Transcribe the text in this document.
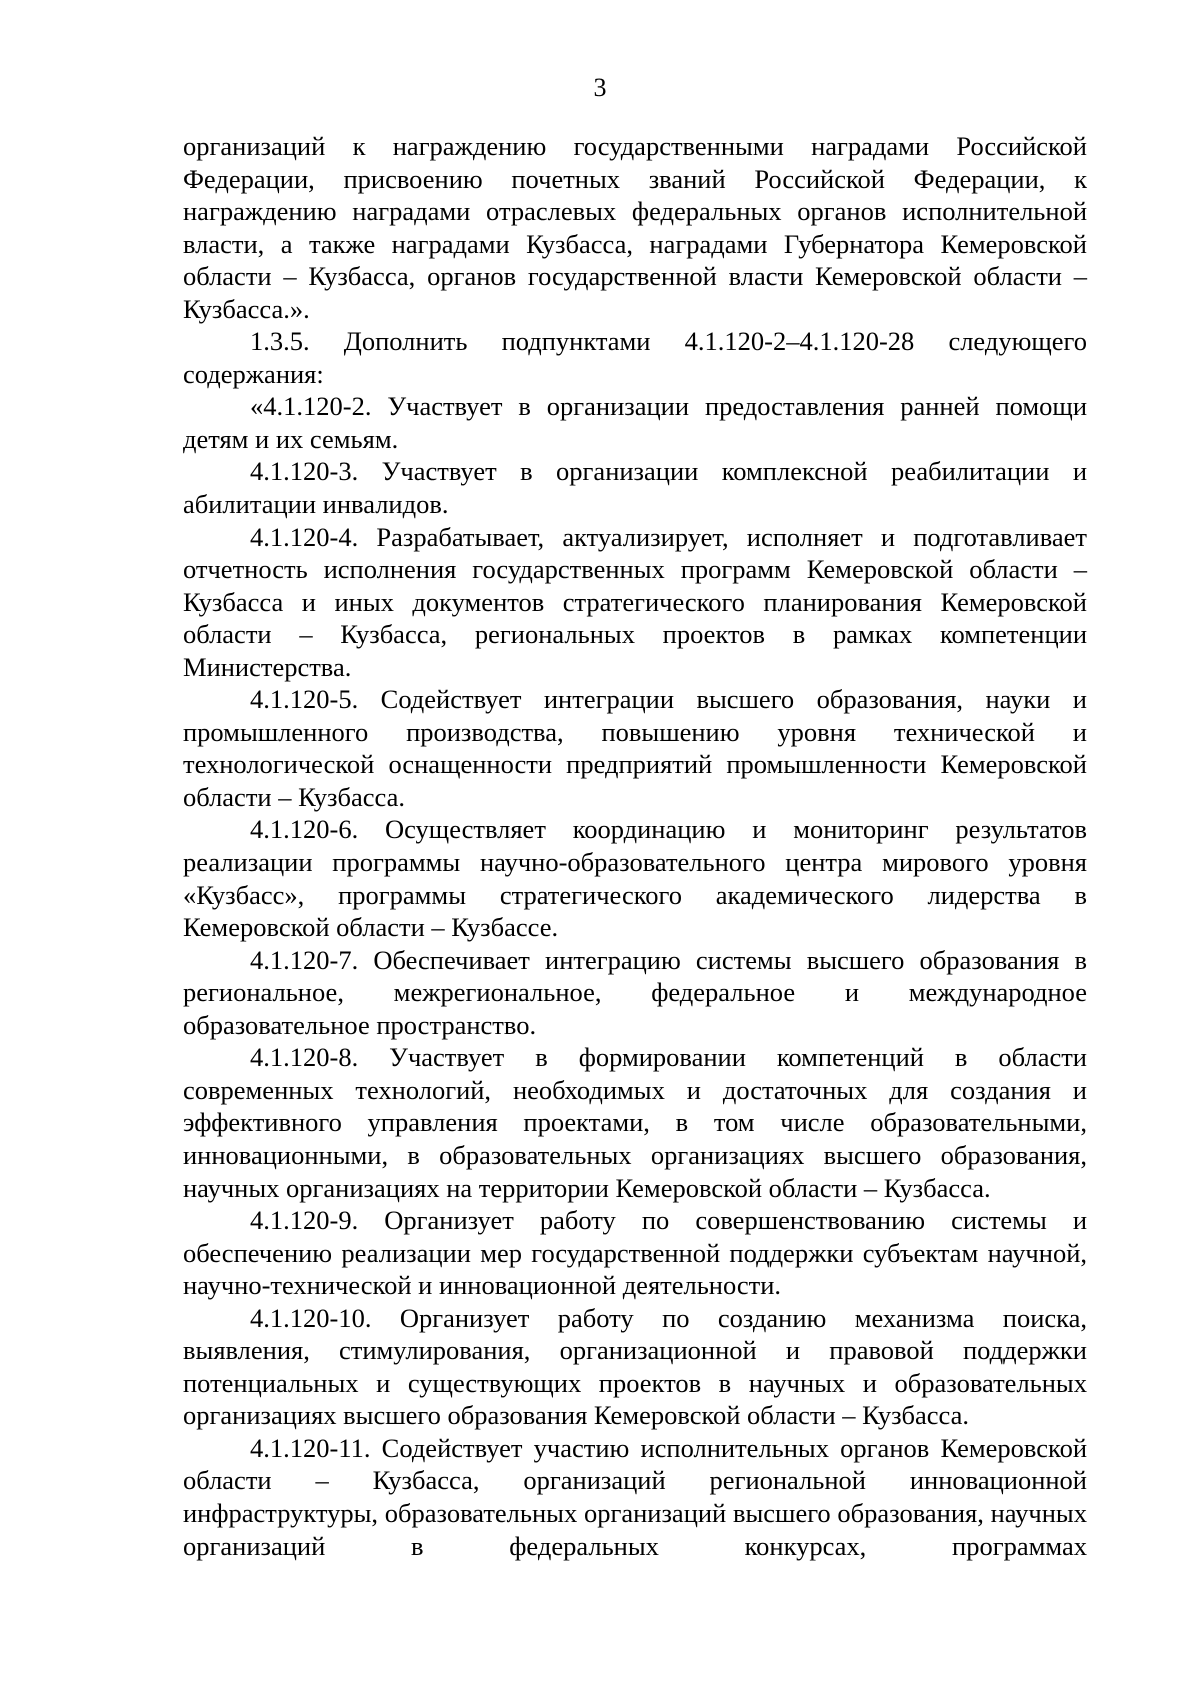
3

организаций к награждению государственными наградами Российской Федерации, присвоению почетных званий Российской Федерации, к награждению наградами отраслевых федеральных органов исполнительной власти, а также наградами Кузбасса, наградами Губернатора Кемеровской области – Кузбасса, органов государственной власти Кемеровской области – Кузбасса.».

1.3.5. Дополнить подпунктами 4.1.120-2–4.1.120-28 следующего содержания:

«4.1.120-2. Участвует в организации предоставления ранней помощи детям и их семьям.

4.1.120-3. Участвует в организации комплексной реабилитации и абилитации инвалидов.

4.1.120-4. Разрабатывает, актуализирует, исполняет и подготавливает отчетность исполнения государственных программ Кемеровской области – Кузбасса и иных документов стратегического планирования Кемеровской области – Кузбасса, региональных проектов в рамках компетенции Министерства.

4.1.120-5. Содействует интеграции высшего образования, науки и промышленного производства, повышению уровня технической и технологической оснащенности предприятий промышленности Кемеровской области – Кузбасса.

4.1.120-6. Осуществляет координацию и мониторинг результатов реализации программы научно-образовательного центра мирового уровня «Кузбасс», программы стратегического академического лидерства в Кемеровской области – Кузбассе.

4.1.120-7. Обеспечивает интеграцию системы высшего образования в региональное, межрегиональное, федеральное и международное образовательное пространство.

4.1.120-8. Участвует в формировании компетенций в области современных технологий, необходимых и достаточных для создания и эффективного управления проектами, в том числе образовательными, инновационными, в образовательных организациях высшего образования, научных организациях на территории Кемеровской области – Кузбасса.

4.1.120-9. Организует работу по совершенствованию системы и обеспечению реализации мер государственной поддержки субъектам научной, научно-технической и инновационной деятельности.

4.1.120-10. Организует работу по созданию механизма поиска, выявления, стимулирования, организационной и правовой поддержки потенциальных и существующих проектов в научных и образовательных организациях высшего образования Кемеровской области – Кузбасса.

4.1.120-11. Содействует участию исполнительных органов Кемеровской области – Кузбасса, организаций региональной инновационной инфраструктуры, образовательных организаций высшего образования, научных организаций в федеральных конкурсах, программах
